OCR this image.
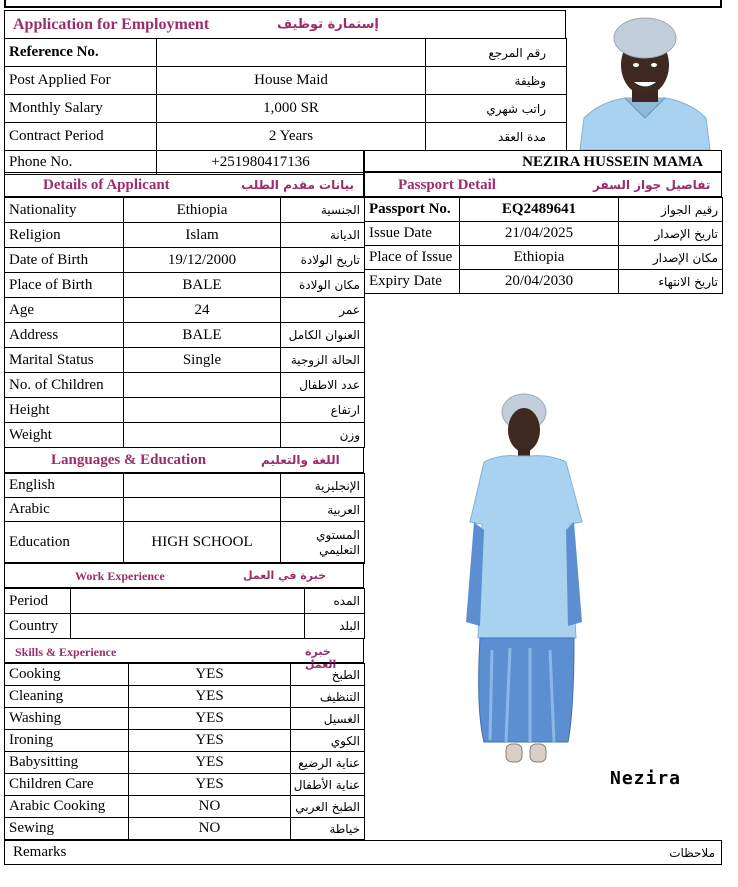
Application for Employment	إستمارة توظيف
Reference No.		رقم المرجع
Post Applied For	House Maid	وظيفة
Monthly Salary	1,000 SR	راتب شهري
Contract Period	2 Years	مدة العقد
Phone No.	+251980417136	NEZIRA HUSSEIN MAMA
Details of Applicant	بيانات مقدم الطلب
Nationality	Ethiopia	الجنسية
Religion	Islam	الديانة
Date of Birth	19/12/2000	تاريخ الولادة
Place of Birth	BALE	مكان الولادة
Age	24	عمر
Address	BALE	العنوان الكامل
Marital Status	Single	الحالة الزوجية
No. of Children		عدد الاطفال
Height		ارتفاع
Weight		وزن
Passport Detail	تفاصيل جواز السفر
Passport No.	EQ2489641	رقيم الجواز
Issue Date	21/04/2025	تاريخ الإصدار
Place of Issue	Ethiopia	مكان الإصدار
Expiry Date	20/04/2030	تاريخ الانتهاء
Languages & Education	اللغة والتعليم
English		الإنجليزية
Arabic		العربية
Education	HIGH SCHOOL	المستوي التعليمي
Work Experience	خبرة في العمل
Period		المده
Country		البلد
Skills & Experience	خبرة العمل
Cooking	YES	الطبخ
Cleaning	YES	التنظيف
Washing	YES	الغسيل
Ironing	YES	الكوي
Babysitting	YES	عناية الرضيع
Children Care	YES	عناية الأطفال
Arabic Cooking	NO	الطبخ العربي
Sewing	NO	خياطة
Nezira
Remarks	ملاحظات
